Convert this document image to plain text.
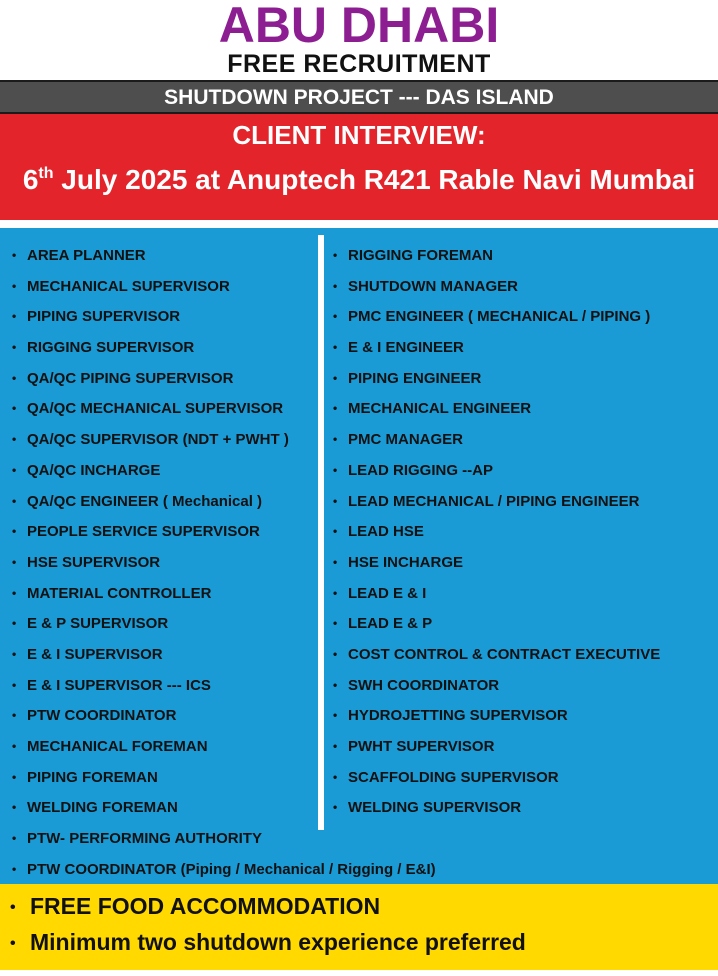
ABU DHABI
FREE RECRUITMENT
SHUTDOWN PROJECT --- DAS ISLAND
CLIENT INTERVIEW:
6th July 2025 at Anuptech R421 Rable Navi Mumbai
• AREA PLANNER
• MECHANICAL SUPERVISOR
• PIPING SUPERVISOR
• RIGGING SUPERVISOR
• QA/QC PIPING SUPERVISOR
• QA/QC MECHANICAL SUPERVISOR
• QA/QC SUPERVISOR (NDT + PWHT )
• QA/QC INCHARGE
• QA/QC ENGINEER ( Mechanical )
• PEOPLE SERVICE SUPERVISOR
• HSE SUPERVISOR
• MATERIAL CONTROLLER
• E & P SUPERVISOR
• E & I SUPERVISOR
• E & I SUPERVISOR --- ICS
• PTW COORDINATOR
• MECHANICAL FOREMAN
• PIPING FOREMAN
• WELDING FOREMAN
• PTW- PERFORMING AUTHORITY
• PTW COORDINATOR (Piping / Mechanical / Rigging / E&I)
• RIGGING FOREMAN
• SHUTDOWN MANAGER
• PMC ENGINEER ( MECHANICAL / PIPING )
• E & I ENGINEER
• PIPING ENGINEER
• MECHANICAL ENGINEER
• PMC MANAGER
• LEAD RIGGING --AP
• LEAD MECHANICAL / PIPING ENGINEER
• LEAD HSE
• HSE INCHARGE
• LEAD E & I
• LEAD E & P
• COST CONTROL & CONTRACT EXECUTIVE
• SWH COORDINATOR
• HYDROJETTING SUPERVISOR
• PWHT SUPERVISOR
• SCAFFOLDING SUPERVISOR
• WELDING SUPERVISOR
• FREE FOOD ACCOMMODATION
• Minimum two shutdown experience preferred
